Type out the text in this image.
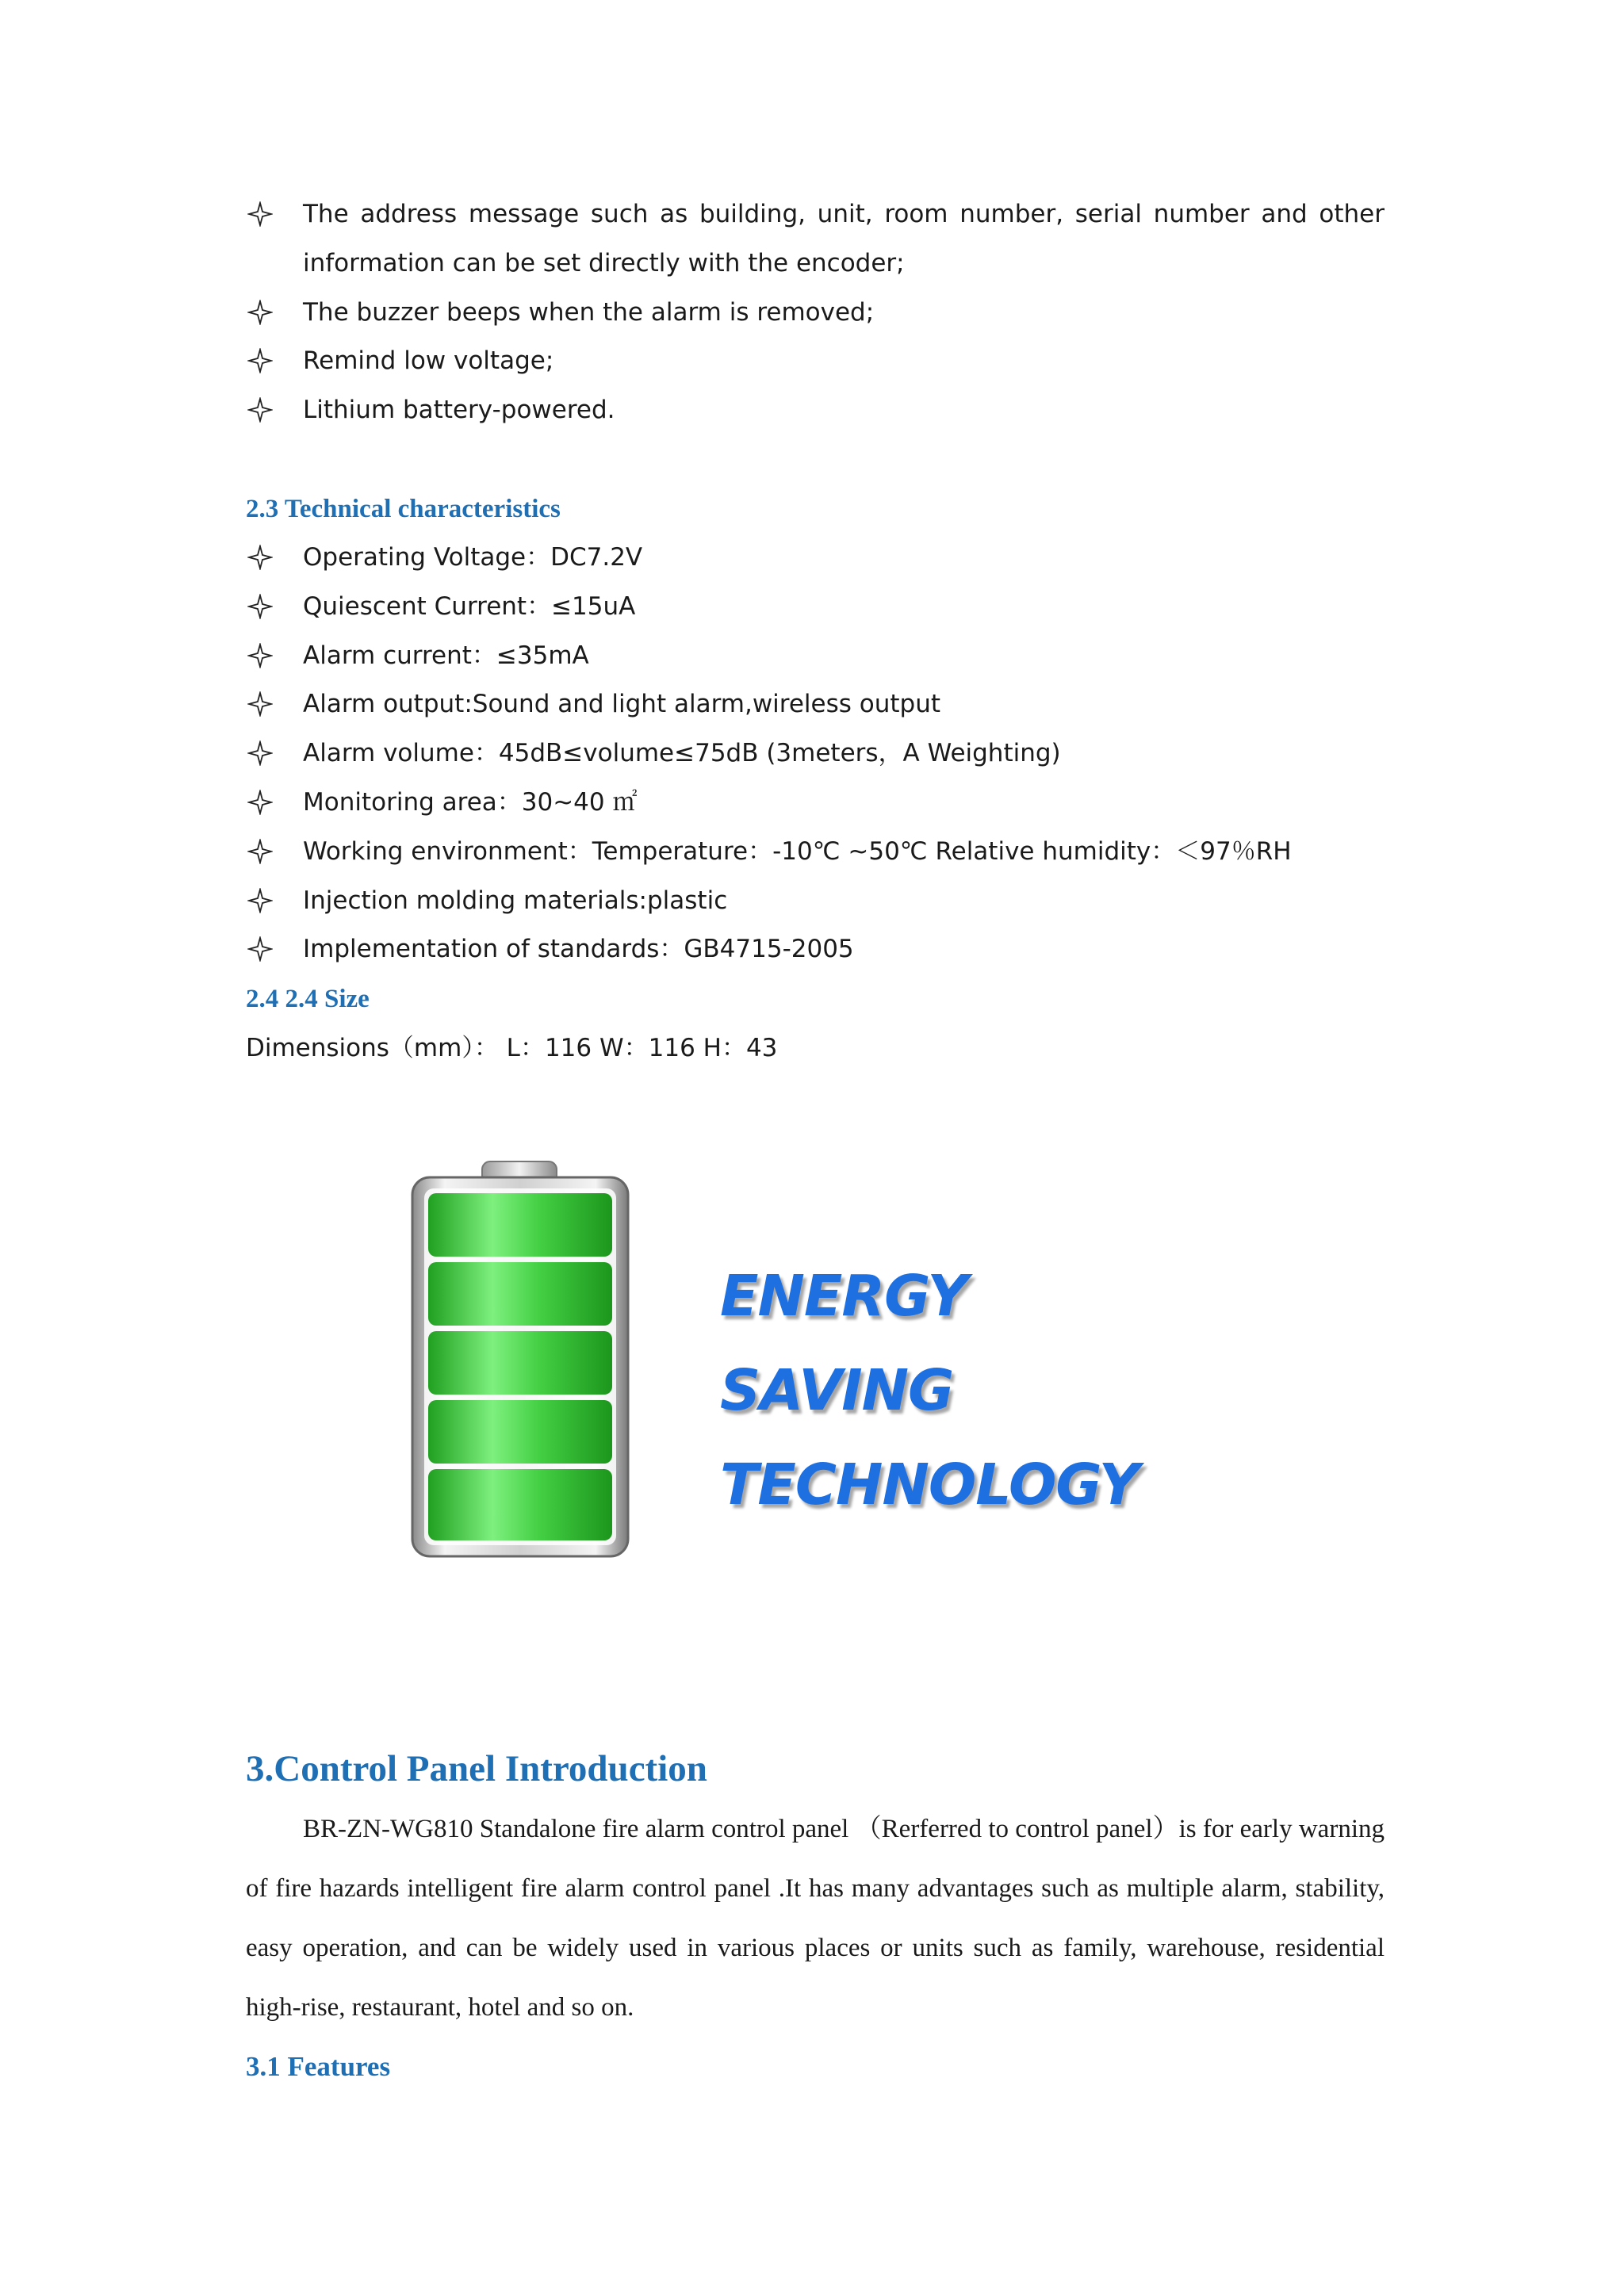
The address message such as building, unit, room number, serial number and other information can be set directly with the encoder;
The buzzer beeps when the alarm is removed;
Remind low voltage;
Lithium battery-powered.
2.3 Technical characteristics
Operating Voltage：DC7.2V
Quiescent Current：≤15uA
Alarm current：≤35mA
Alarm output:Sound and light alarm,wireless output
Alarm volume：45dB≤volume≤75dB (3meters，A Weighting)
Monitoring area：30~40 ㎡
Working environment：Temperature：-10℃ ~50℃ Relative humidity：＜97％RH
Injection molding materials:plastic
Implementation of standards：GB4715-2005
2.4 2.4 Size

Dimensions（mm）： L：116 W：116 H：43

ENERGY SAVING
TECHNOLOGY
3.Control Panel Introduction

BR-ZN-WG810 Standalone fire alarm control panel （Rerferred to control panel）is for early warning of fire hazards intelligent fire alarm control panel .It has many advantages such as multiple alarm, stability, easy operation, and can be widely used in various places or units such as family, warehouse, residential high-rise, restaurant, hotel and so on.

3.1 Features
